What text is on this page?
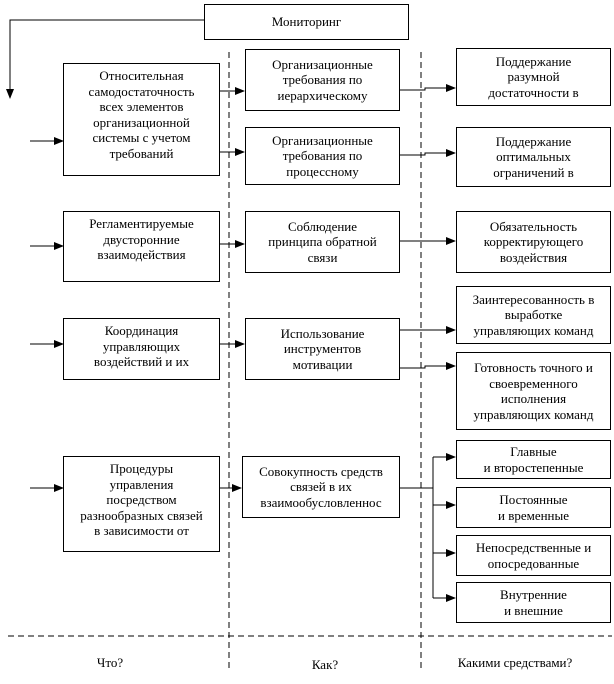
Мониторинг
Относительная
самодостаточность
всех элементов
организационной
системы с учетом
требований
Регламентируемые
двусторонние
взаимодействия
Координация
управляющих
воздействий и их
Процедуры
управления
посредством
разнообразных связей
в зависимости от
Организационные
требования по
иерархическому
Организационные
требования по
процессному
Соблюдение
принципа обратной
связи
Использование
инструментов
мотивации
Совокупность средств
связей в их
взаимообусловленнос
Поддержание
разумной
достаточности в
Поддержание
оптимальных
ограничений в
Обязательность
корректирующего
воздействия
Заинтересованность в
выработке
управляющих команд
Готовность точного и
своевременного
исполнения
управляющих команд
Главные
и второстепенные
Постоянные
и временные
Непосредственные и
опосредованные
Внутренние
и внешние
Что?	Как?	Какими средствами?
